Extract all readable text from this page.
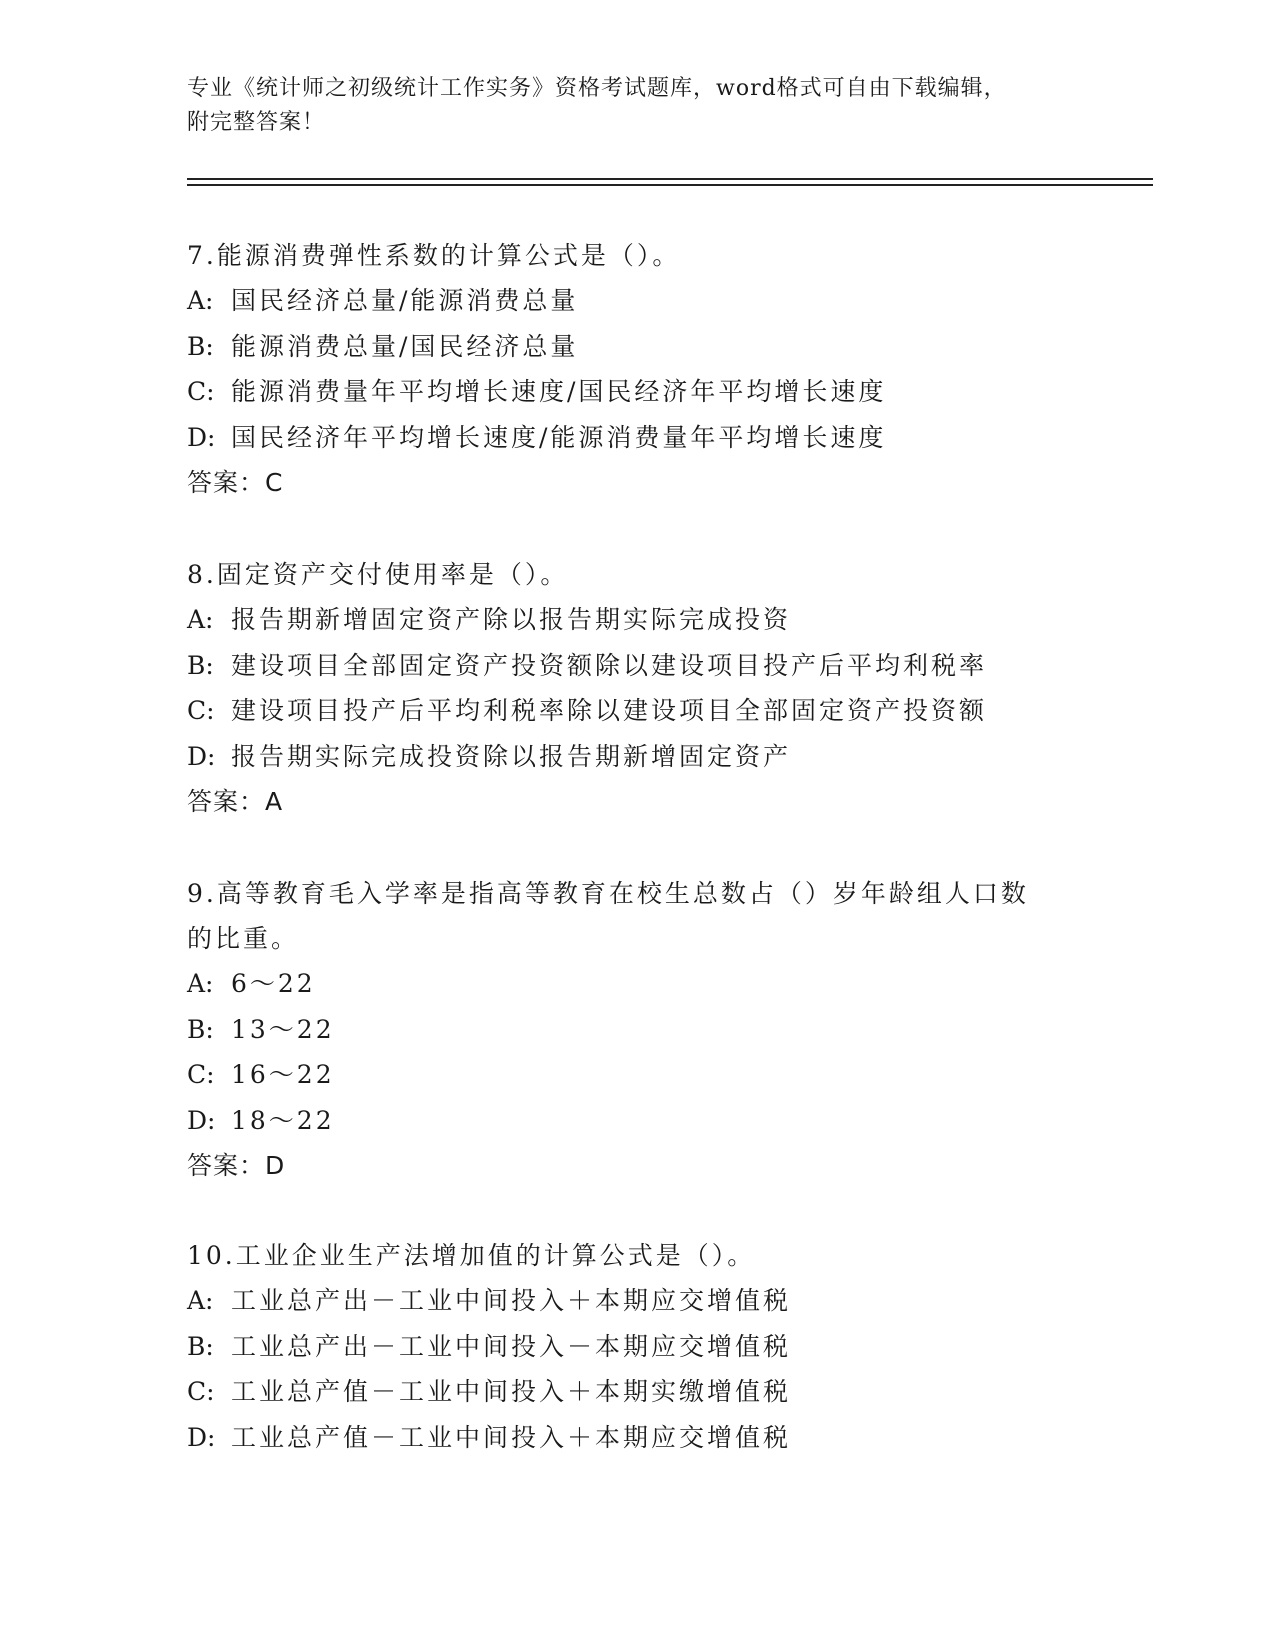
专业《统计师之初级统计工作实务》资格考试题库，word格式可自由下载编辑，
附完整答案！

7.能源消费弹性系数的计算公式是（）。

A: 国民经济总量/能源消费总量

B: 能源消费总量/国民经济总量

C: 能源消费量年平均增长速度/国民经济年平均增长速度

D: 国民经济年平均增长速度/能源消费量年平均增长速度

答案：C

8.固定资产交付使用率是（）。

A: 报告期新增固定资产除以报告期实际完成投资

B: 建设项目全部固定资产投资额除以建设项目投产后平均利税率

C: 建设项目投产后平均利税率除以建设项目全部固定资产投资额

D: 报告期实际完成投资除以报告期新增固定资产

答案：A

9.高等教育毛入学率是指高等教育在校生总数占（）岁年龄组人口数

的比重。

A: 6～22

B: 13～22

C: 16～22

D: 18～22

答案：D

10.工业企业生产法增加值的计算公式是（）。

A: 工业总产出－工业中间投入＋本期应交增值税

B: 工业总产出－工业中间投入－本期应交增值税

C: 工业总产值－工业中间投入＋本期实缴增值税

D: 工业总产值－工业中间投入＋本期应交增值税
